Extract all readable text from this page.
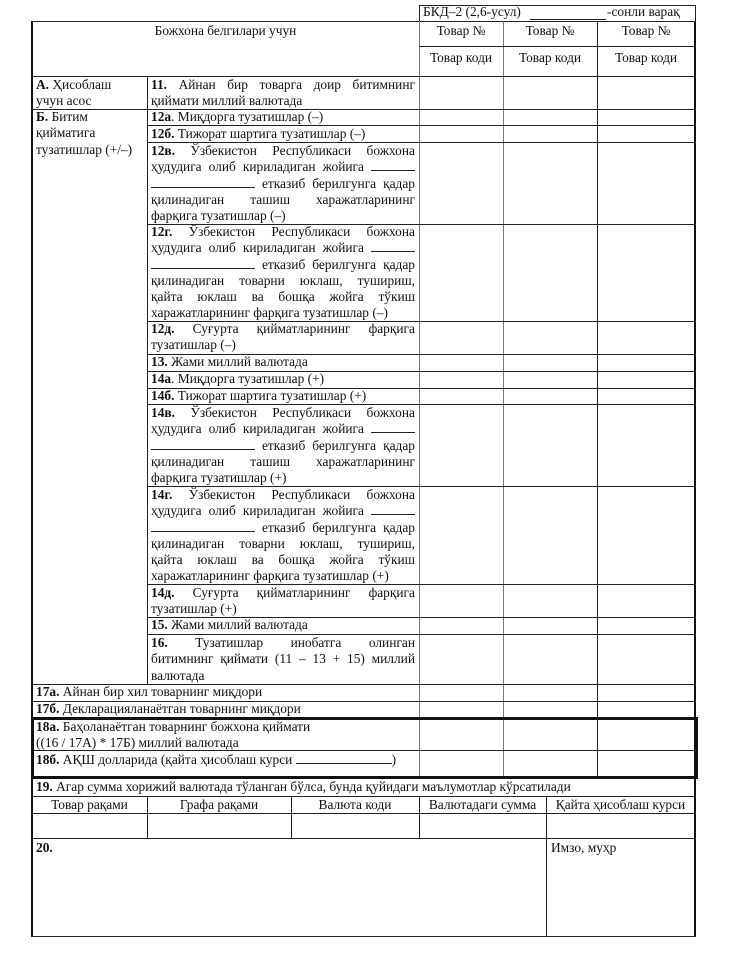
БКД–2 (2,6-усул)	-сонли варақ
Божхона белгилари учун	Товар №	Товар №	Товар №
Товар коди	Товар коди	Товар коди
А. Ҳисоблаш
учун асос
Б. Битим
қийматига
тузатишлар (+/–)
11. Айнан бир товарга доир битимнинг
қиймати миллий валютада
12а. Миқдорга тузатишлар (–)
12б. Тижорат шартига тузатишлар (–)
12в. Ўзбекистон Республикаси божхона
ҳудудига олиб кириладиган жойига
етказиб берилгунга қадар
қилинадиган ташиш харажатларининг
фарқига тузатишлар (–)
12г. Ўзбекистон Республикаси божхона
ҳудудига олиб кириладиган жойига
етказиб берилгунга қадар
қилинадиган товарни юклаш, тушириш,
қайта юклаш ва бошқа жойга тўкиш
харажатларининг фарқига тузатишлар (–)
12д. Суғурта қийматларининг фарқига
тузатишлар (–)
13. Жами миллий валютада
14а. Миқдорга тузатишлар (+)
14б. Тижорат шартига тузатишлар (+)
14в. Ўзбекистон Республикаси божхона
ҳудудига олиб кириладиган жойига
етказиб берилгунга қадар
қилинадиган ташиш харажатларининг
фарқига тузатишлар (+)
14г. Ўзбекистон Республикаси божхона
ҳудудига олиб кириладиган жойига
етказиб берилгунга қадар
қилинадиган товарни юклаш, тушириш,
қайта юклаш ва бошқа жойга тўкиш
харажатларининг фарқига тузатишлар (+)
14д. Суғурта қийматларининг фарқига
тузатишлар (+)
15. Жами миллий валютада
16. Тузатишлар инобатга олинган
битимнинг қиймати (11 – 13 + 15) миллий
валютада
17а. Айнан бир хил товарнинг миқдори
17б. Декларацияланаётган товарнинг миқдори
18а. Баҳоланаётган товарнинг божхона қиймати
((16 / 17А) * 17Б) миллий валютада
18б. АҚШ долларида (қайта ҳисоблаш курси	)
19. Агар сумма хорижий валютада тўланган бўлса, бунда қуйидаги маълумотлар кўрсатилади
Товар рақами	Графа рақами	Валюта коди	Валютадаги сумма	Қайта ҳисоблаш курси
20.	Имзо, муҳр
